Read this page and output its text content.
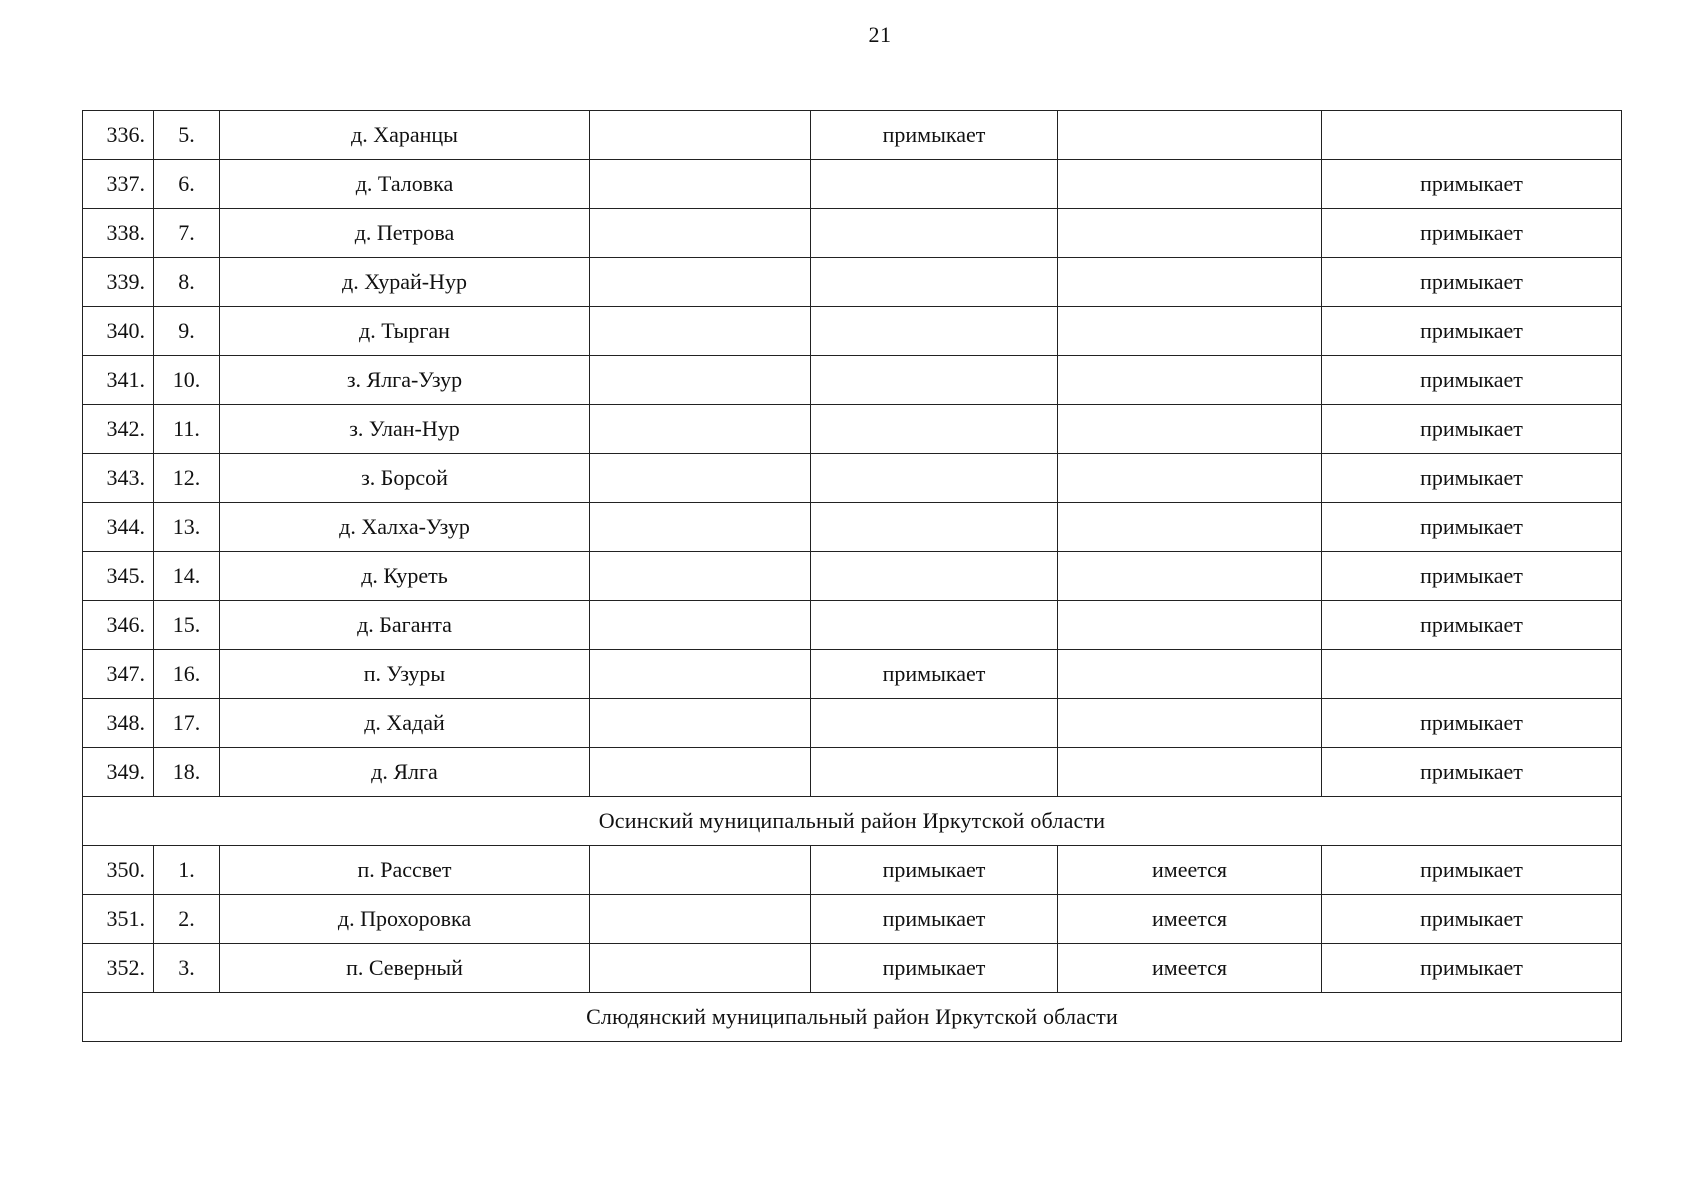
21
336.	5.	д. Харанцы		примыкает		
337.	6.	д. Таловка				примыкает
338.	7.	д. Петрова				примыкает
339.	8.	д. Хурай-Нур				примыкает
340.	9.	д. Тырган				примыкает
341.	10.	з. Ялга-Узур				примыкает
342.	11.	з. Улан-Нур				примыкает
343.	12.	з. Борсой				примыкает
344.	13.	д. Халха-Узур				примыкает
345.	14.	д. Куреть				примыкает
346.	15.	д. Баганта				примыкает
347.	16.	п. Узуры		примыкает		
348.	17.	д. Хадай				примыкает
349.	18.	д. Ялга				примыкает
Осинский муниципальный район Иркутской области						
350.	1.	п. Рассвет		примыкает	имеется	примыкает
351.	2.	д. Прохоровка		примыкает	имеется	примыкает
352.	3.	п. Северный		примыкает	имеется	примыкает
Слюдянский муниципальный район Иркутской области						
